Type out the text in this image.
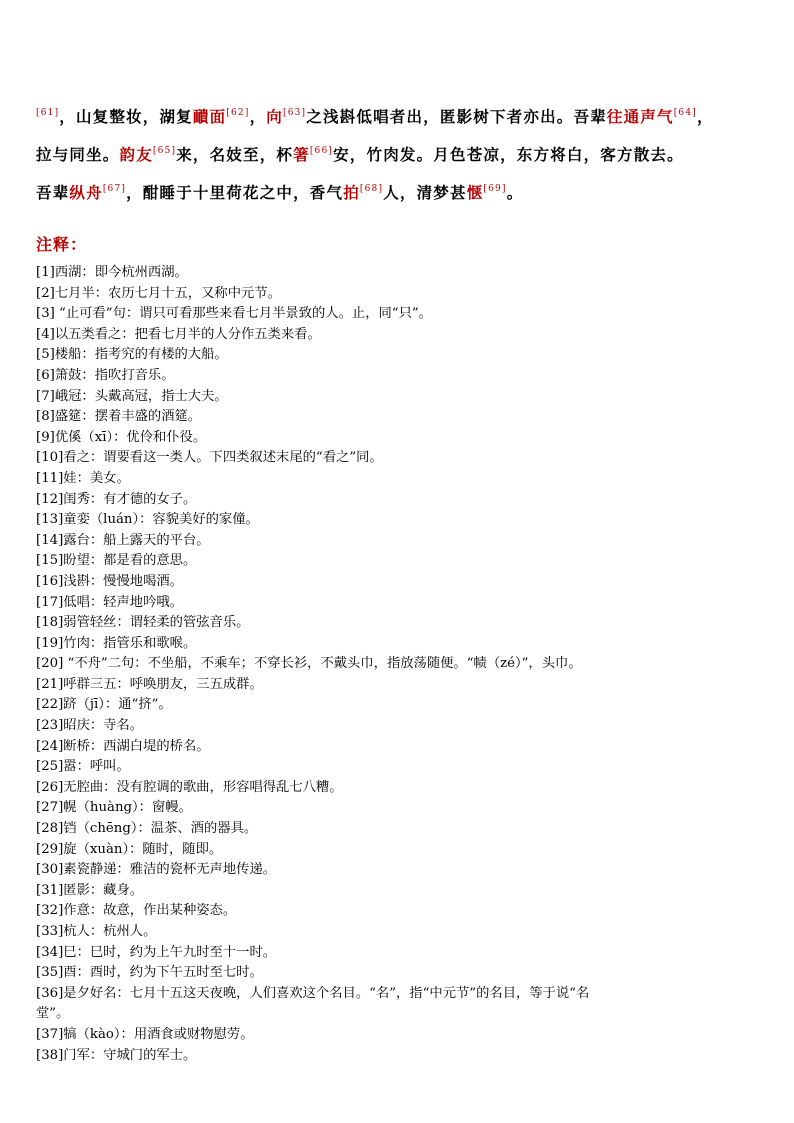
[61]，山复整妆，湖复靧面[62]，向[63]之浅斟低唱者出，匿影树下者亦出。吾辈往通声气[64]，
拉与同坐。韵友[65]来，名妓至，杯箸[66]安，竹肉发。月色苍凉，东方将白，客方散去。
吾辈纵舟[67]，酣睡于十里荷花之中，香气拍[68]人，清梦甚惬[69]。
注释：
[1]西湖：即今杭州西湖。
[2]七月半：农历七月十五，又称中元节。
[3] “止可看”句：谓只可看那些来看七月半景致的人。止，同“只”。
[4]以五类看之：把看七月半的人分作五类来看。
[5]楼船：指考究的有楼的大船。
[6]箫鼓：指吹打音乐。
[7]峨冠：头戴高冠，指士大夫。
[8]盛筵：摆着丰盛的酒筵。
[9]优傒（xī）：优伶和仆役。
[10]看之：谓要看这一类人。下四类叙述末尾的“看之”同。
[11]娃：美女。
[12]闺秀：有才德的女子。
[13]童娈（luán）：容貌美好的家僮。
[14]露台：船上露天的平台。
[15]盼望：都是看的意思。
[16]浅斟：慢慢地喝酒。
[17]低唱：轻声地吟哦。
[18]弱管轻丝：谓轻柔的管弦音乐。
[19]竹肉：指管乐和歌喉。
[20] “不舟”二句：不坐船，不乘车；不穿长衫，不戴头巾，指放荡随便。“帻（zé）”，头巾。
[21]呼群三五：呼唤朋友，三五成群。
[22]跻（jī）：通“挤”。
[23]昭庆：寺名。
[24]断桥：西湖白堤的桥名。
[25]嚣：呼叫。
[26]无腔曲：没有腔调的歌曲，形容唱得乱七八糟。
[27]幌（huàng）：窗幔。
[28]铛（chēng）：温茶、酒的器具。
[29]旋（xuàn）：随时，随即。
[30]素瓷静递：雅洁的瓷杯无声地传递。
[31]匿影：藏身。
[32]作意：故意，作出某种姿态。
[33]杭人：杭州人。
[34]巳：巳时，约为上午九时至十一时。
[35]酉：酉时，约为下午五时至七时。
[36]是夕好名：七月十五这天夜晚，人们喜欢这个名目。“名”，指“中元节”的名目，等于说“名
堂”。
[37]犒（kào）：用酒食或财物慰劳。
[38]门军：守城门的军士。
